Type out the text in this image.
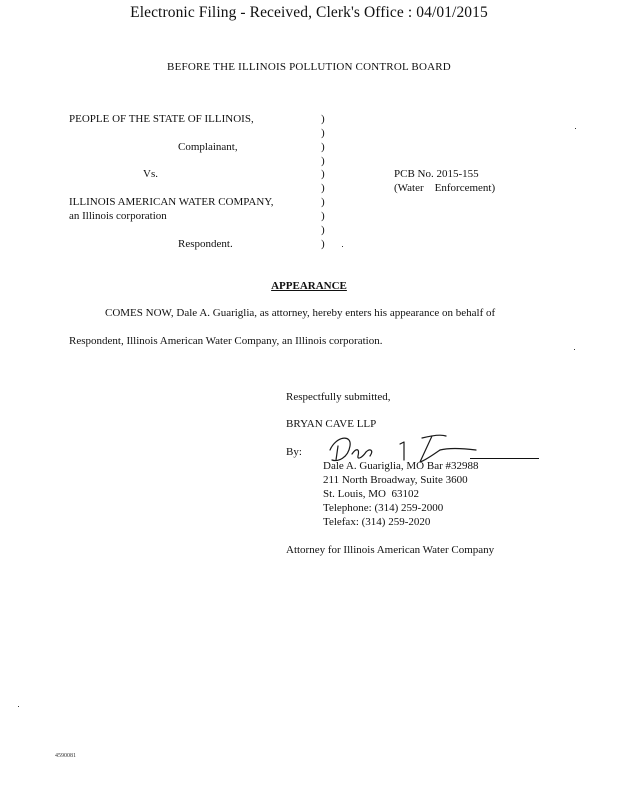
Electronic Filing - Received, Clerk's Office : 04/01/2015
BEFORE THE ILLINOIS POLLUTION CONTROL BOARD
PEOPLE OF THE STATE OF ILLINOIS,
Complainant,
Vs.
ILLINOIS AMERICAN WATER COMPANY,
an Illinois corporation
Respondent.
)
)
)
)
)
)
)
)
)
)
PCB No. 2015-155
(Water    Enforcement)
APPEARANCE
COMES NOW, Dale A. Guariglia, as attorney, hereby enters his appearance on behalf of
Respondent, Illinois American Water Company, an Illinois corporation.
Respectfully submitted,
BRYAN CAVE LLP
By:
Dale A. Guariglia, MO Bar #32988
211 North Broadway, Suite 3600
St. Louis, MO  63102
Telephone: (314) 259-2000
Telefax: (314) 259-2020
Attorney for Illinois American Water Company
4590081
